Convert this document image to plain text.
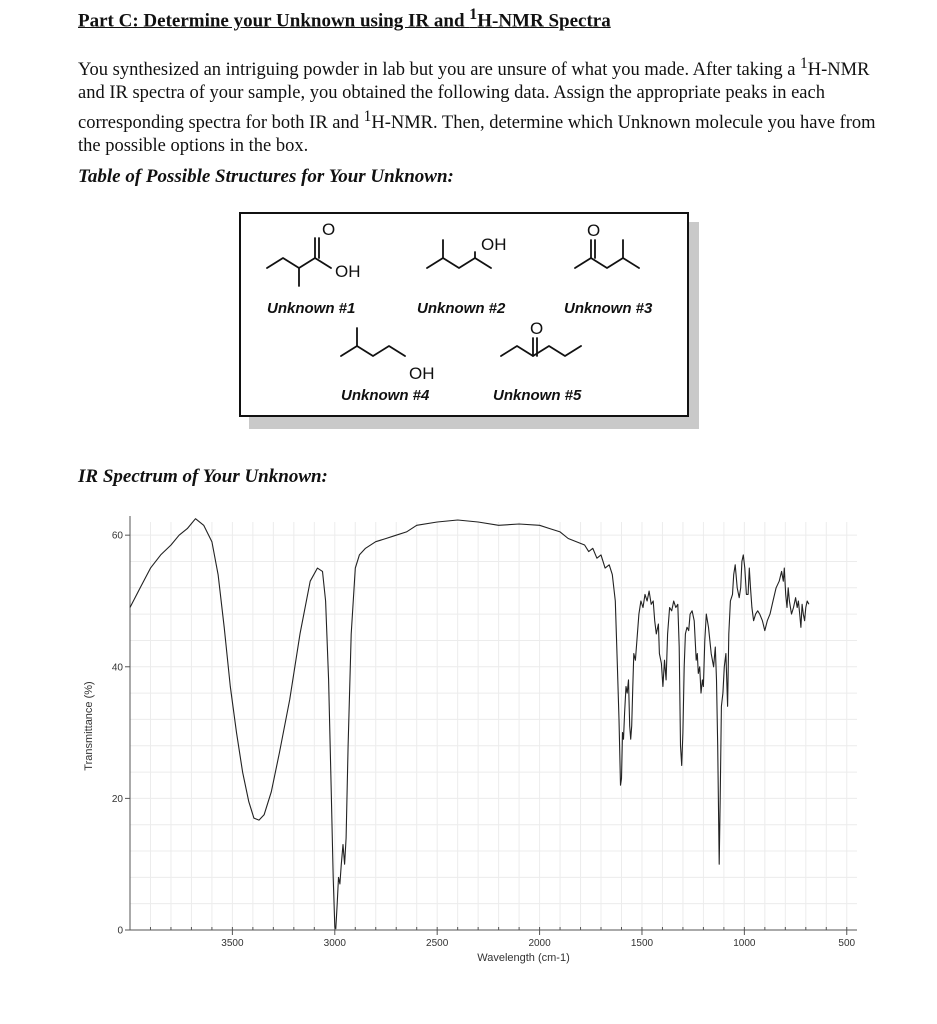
Part C: Determine your Unknown using IR and $^1$H-NMR Spectra

You synthesized an intriguing powder in lab but you are unsure of what you made. After taking a $^1$H-NMR and IR spectra of your sample, you obtained the following data. Assign the appropriate peaks in each corresponding spectra for both IR and $^1$H-NMR. Then, determine which Unknown molecule you have from the possible options in the box.

Table of Possible Structures for Your Unknown:
O
OH
OH
O
OH
O
Unknown #1	Unknown #2	Unknown #3
Unknown #4	Unknown #5
IR Spectrum of Your Unknown:
0
20
40
60
3500	3000	2500	2000	1500	1000	500
Transmittance (%)
Wavelength (cm-1)
